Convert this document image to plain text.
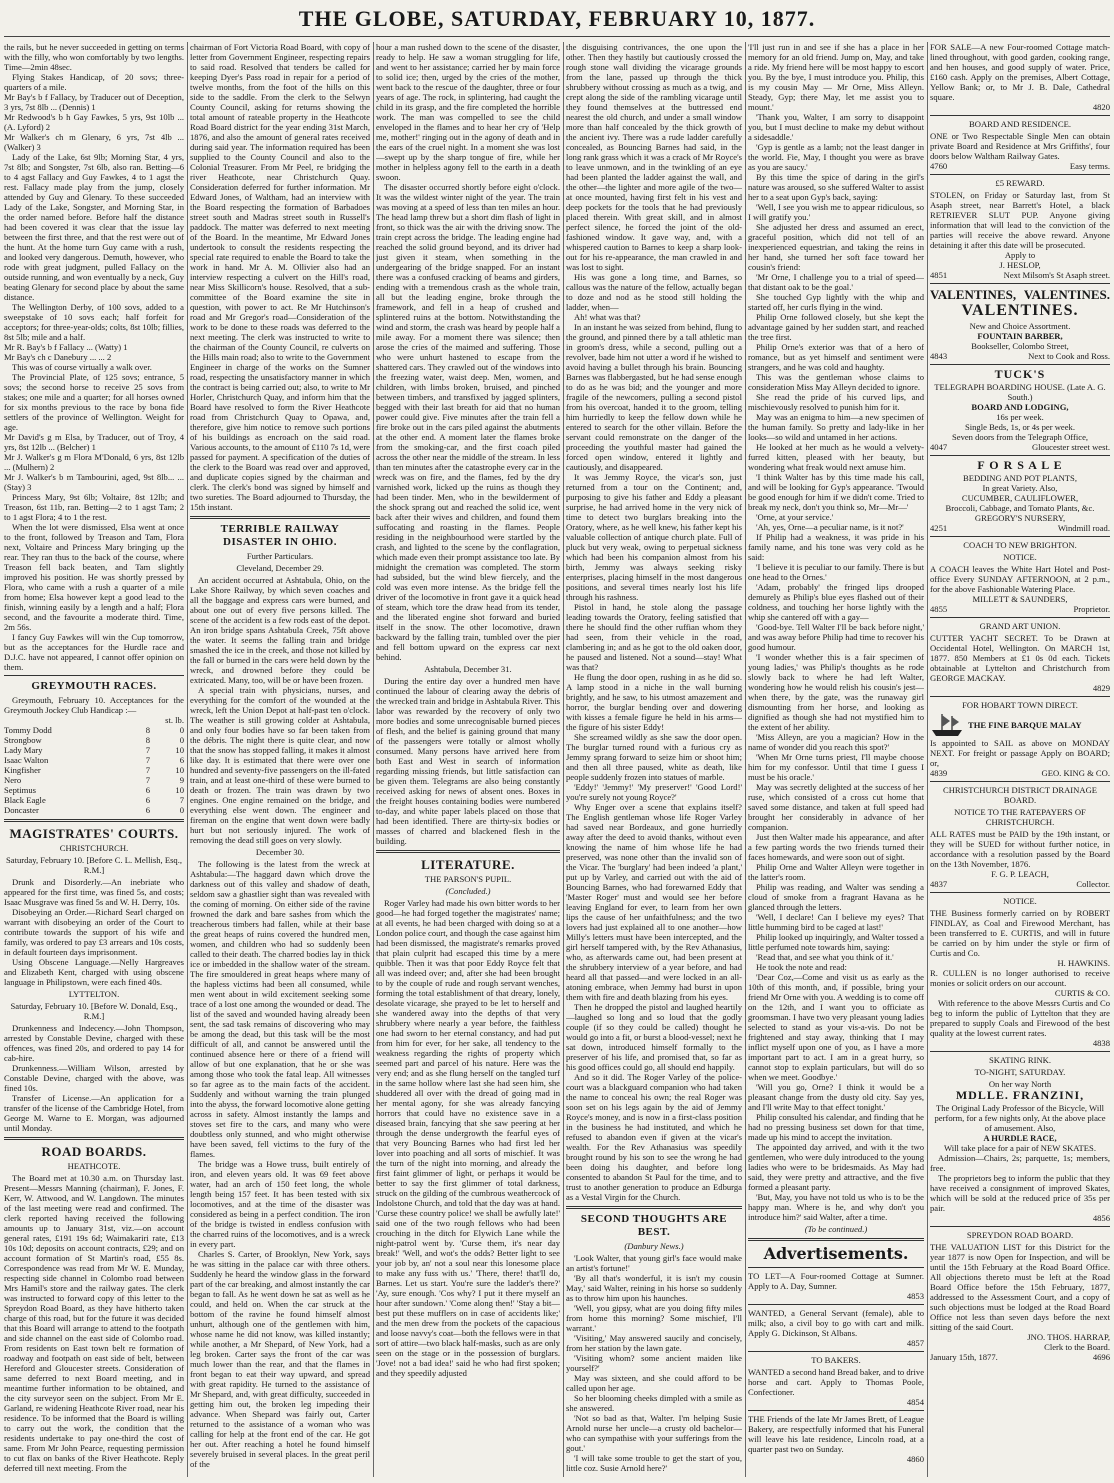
THE GLOBE, SATURDAY, FEBRUARY 10, 1877.

the rails, but he never succeeded in getting on terms with the filly, who won comfortably by two lengths. Time—2min 48sec.

Flying Stakes Handicap, of 20 sovs; three-quarters of a mile.

Mr Bay's b f Fallacy, by Traducer out of Deception, 3 yrs, 7st 8lb ... (Dennis) 1

Mr Redwood's b h Gay Fawkes, 5 yrs, 9st 10lb ... (A. Lyford) 2

Mr Walker's ch m Glenary, 6 yrs, 7st 4lb ... (Walker) 3

Lady of the Lake, 6st 9lb; Morning Star, 4 yrs, 7st 8lb; and Songster, 7st 6lb, also ran. Betting—6 to 4 agst Fallacy and Guy Fawkes, 4 to 1 agst the rest. Fallacy made play from the jump, closely attended by Guy and Glenary. To these succeeded Lady of the Lake, Songster, and Morning Star, in the order named before. Before half the distance had been covered it was clear that the issue lay between the first three, and that the rest were out of the hunt. At the home turn Guy came with a rush, and looked very dangerous. Demuth, however, who rode with great judgment, pulled Fallacy on the outside running, and won eventually by a neck, Guy beating Glenary for second place by about the same distance.

The Wellington Derby, of 100 sovs, added to a sweepstake of 10 sovs each; half forfeit for acceptors; for three-year-olds; colts, 8st 10lb; fillies, 8st 5lb; mile and a half.

Mr R. Bay's b f Fallacy ... (Watty) 1

Mr Bay's ch c Danebury ... ... 2

This was of course virtually a walk over.

The Provincial Plate, of 125 sovs; entrance, 5 sovs; the second horse to receive 25 sovs from stakes; one mile and a quarter; for all horses owned for six months previous to the race by bona fide settlers of the province of Wellington. Weight for age.

Mr David's g m Elsa, by Traducer, out of Troy, 4 yrs, 8st 12lb ... (Belcher) 1

Mr J. Walker's g m Flora M'Donald, 6 yrs, 8st 12lb ... (Mulhern) 2

Mr J. Walker's b m Tambourini, aged, 9st 8lb... ... (Stay) 3

Princess Mary, 9st 6lb; Voltaire, 8st 12lb; and Treason, 6st 11b, ran. Betting—2 to 1 agst Tam; 2 to 1 agst Flora; 4 to 1 the rest.

When the lot were dismissed, Elsa went at once to the front, followed by Treason and Tam, Flora next, Voltaire and Princess Mary bringing up the rear. They ran thus to the back of the course, where Treason fell back beaten, and Tam slightly improved his position. He was shortly pressed by Flora, who came with a rush a quarter of a mile from home; Elsa however kept a good lead to the finish, winning easily by a length and a half; Flora second, and the favourite a moderate third. Time, 2m 56s.

I fancy Guy Fawkes will win the Cup tomorrow, but as the acceptances for the Hurdle race and D.J.C. have not appeared, I cannot offer opinion on them.

GREYMOUTH RACES.

Greymouth, February 10. Acceptances for the Greymouth Jockey Club Handicap :—

	st. lb.	
Tommy Dodd	8	0
Strongbow	8	0
Lady Mary	7	10
Isaac Walton	7	6
Kingfisher	7	10
Nero	7	9
Septimus	6	10
Black Eagle	6	7
Doncaster	6	0
MAGISTRATES' COURTS.
CHRISTCHURCH.
Saturday, February 10. [Before C. L. Mellish, Esq., R.M.]

Drunk and Disorderly.—An inebriate who appeared for the first time, was fined 5s, and costs; Isaac Musgrave was fined 5s and W. H. Derry, 10s.

Disobeying an Order.—Richard Searl charged on warrant with disobeying an order of the Court to contribute towards the support of his wife and family, was ordered to pay £3 arrears and 10s costs, in default fourteen days imprisonment.

Using Obscene Language.—Nelly Hargreaves and Elizabeth Kent, charged with using obscene language in Philipstown, were each fined 40s.

LYTTELTON.
Saturday, February 10. [Before W. Donald, Esq., R.M.]

Drunkenness and Indecency.—John Thompson, arrested by Constable Devine, charged with these offences, was fined 20s, and ordered to pay 14 for cab-hire.

Drunkenness.—William Wilson, arrested by Constable Devine, charged with the above, was fined 10s.

Transfer of License.—An application for a transfer of the license of the Cambridge Hotel, from George M. Warne to E. Morgan, was adjourned until Monday.

ROAD BOARDS.
HEATHCOTE.

The Board met at 10.30 a.m. on Thursday last. Present—Messrs Manning (chairman), F. Jones, F. Kerr, W. Attwood, and W. Langdown. The minutes of the last meeting were read and confirmed. The clerk reported having received the following amounts up to January 31st, viz.—on account general rates, £191 19s 6d; Waimakariri rate, £13 10s 10d; deposits on account contracts, £29; and on account formation of St Martin's road, £55 8s. Correspondence was read from Mr W. E. Munday, respecting side channel in Colombo road between Mrs Hamil's store and the railway gates. The clerk was instructed to forward copy of this letter to the Spreydon Road Board, as they have hitherto taken charge of this road, but for the future it was decided that this Board will arrange to attend to the footpath and side channel on the east side of Colombo road. From residents on East town belt re formation of roadway and footpath on east side of belt, between Hereford and Gloucester streets. Consideration of same deferred to next Board meeting, and in meantime further information to be obtained, and the city surveyor seen on the subject. From Mr E. Garland, re widening Heathcote River road, near his residence. To be informed that the Board is willing to carry out the work, the condition that the residents undertake to pay one-third the cost of same. From Mr John Pearce, requesting permission to cut flax on banks of the River Heathcote. Reply deferred till next meeting. From the

chairman of Fort Victoria Road Board, with copy of letter from Government Engineer, respecting repairs to said road. Resolved that tenders be called for keeping Dyer's Pass road in repair for a period of twelve months, from the foot of the hills on this side to the saddle. From the clerk to the Selwyn County Council, asking for returns showing the total amount of rateable property in the Heathcote Road Board district for the year ending 31st March, 1876, and also the amount of general rates received during said year. The information required has been supplied to the County Council and also to the Colonial Treasurer. From Mr Peel, re bridging the river Heathcote, near Christchurch Quay. Consideration deferred for further information. Mr Edward Jones, of Waltham, had an interview with the Board respecting the formation of Barbadoes street south and Madras street south in Russell's paddock. The matter was deferred to next meeting of the Board. In the meantime, Mr Edward Jones undertook to consult the residents respecting the special rate required to enable the Board to take the work in hand. Mr A. M. Ollivier also had an interview respecting a culvert on the Hill's road, near Miss Skillicorn's house. Resolved, that a sub-committee of the Board examine the site in question, with power to act. Re Mr Hutchinson's road and Mr Gregor's road—Consideration of the work to be done to these roads was deferred to the next meeting. The clerk was instructed to write to the chairman of the County Council, re culverts on the Hills main road; also to write to the Government Engineer in charge of the works on the Sumner road, respecting the unsatisfactory manner in which the contract is being carried out; also, to write to Mr Horler, Christchurch Quay, and inform him that the Board have resolved to form the River Heathcote road from Christchurch Quay to Opawa, and, therefore, give him notice to remove such portions of his buildings as encroach on the said road. Various accounts, to the amount of £110 7s 1d, were passed for payment. A specification of the duties of the clerk to the Board was read over and approved, and duplicate copies signed by the chairman and clerk. The clerk's bond was signed by himself and two sureties. The Board adjourned to Thursday, the 15th instant.

TERRIBLE RAILWAY DISASTER IN OHIO.
Further Particulars.
Cleveland, December 29.

An accident occurred at Ashtabula, Ohio, on the Lake Shore Railway, by which seven coaches and all the baggage and express cars were burned, and about one out of every five persons killed. The scene of the accident is a few rods east of the depot. An iron bridge spans Ashtabula Creek, 75ft above the water. It seems the falling train and bridge smashed the ice in the creek, and those not killed by the fall or burned in the cars were held down by the wreck, and drowned before they could be extricated. Many, too, will be or have been frozen.

A special train with physicians, nurses, and everything for the comfort of the wounded at the wreck, left the Union Depot at half-past ten o'clock. The weather is still growing colder at Ashtabula, and only four bodies have so far been taken from the débris. The night there is quite clear, and now that the snow has stopped falling, it makes it almost like day. It is estimated that there were over one hundred and seventy-five passengers on the ill-fated train, and at least one-third of these were burned to death or frozen. The train was drawn by two engines. One engine remained on the bridge, and everything else went down. The engineer and fireman on the engine that went down were badly hurt but not seriously injured. The work of removing the dead still goes on very slowly.

December 30.

The following is the latest from the wreck at Ashtabula:—The haggard dawn which drove the darkness out of this valley and shadow of death, seldom saw a ghastlier sight than was revealed with the coming of morning. On either side of the ravine frowned the dark and bare sashes from which the treacherous timbers had fallen, while at their base the great heaps of ruins covered the hundred men, women, and children who had so suddenly been called to their death. The charred bodies lay in thick ice or imbedded in the shallow water of the stream. The fire smouldered in great heaps where many of the hapless victims had been all consumed, while men went about in wild excitement seeking some trace of a lost one among the wounded or dead. The list of the saved and wounded having already been sent, the sad task remains of discovering who may be among the dead, but this task will be the most difficult of all, and cannot be answered until the continued absence here or there of a friend will allow of but one explanation, that he or she was among those who took the fatal leap. All witnesses so far agree as to the main facts of the accident. Suddenly and without warning the train plunged into the abyss, the forward locomotive alone getting across in safety. Almost instantly the lamps and stoves set fire to the cars, and many who were doubtless only stunned, and who might otherwise have been saved, fell victims to the fury of the flames.

The bridge was a Howe truss, built entirely of iron, and eleven years old. It was 69 feet above water, had an arch of 150 feet long, the whole length being 157 feet. It has been tested with six locomotives, and at the time of the disaster was considered as being in a perfect condition. The iron of the bridge is twisted in endless confusion with the charred ruins of the locomotives, and is a wreck in every part.

Charles S. Carter, of Brooklyn, New York, says he was sitting in the palace car with three others. Suddenly he heard the window glass in the forward part of the car breaking, and almost instantly the car began to fall. As he went down he sat as well as he could, and held on. When the car struck at the bottom of the ravine he found himself almost unhurt, although one of the gentlemen with him, whose name he did not know, was killed instantly; while another, a Mr Shepard, of New York, had a leg broken. Carter says the front of the car was much lower than the rear, and that the flames in front began to eat their way upward, and spread with great rapidity. He turned to the assistance of Mr Shepard, and, with great difficulty, succeeded in getting him out, the broken leg impeding their advance. When Shepard was fairly out, Carter returned to the assistance of a woman who was calling for help at the front end of the car. He got her out. After reaching a hotel he found himself severely bruised in several places. In the great peril of the

hour a man rushed down to the scene of the disaster, ready to help. He saw a woman struggling for life, and went to her assistance; carried her by main force to solid ice; then, urged by the cries of the mother, went back to the rescue of the daughter, three or four years of age. The rock, in splintering, had caught the child in its grasp, and the fire completed the horrible work. The man was compelled to see the child enveloped in the flames and to hear her cry of 'Help me, mother!' ringing out in the agony of death and in the ears of the cruel night. In a moment she was lost—swept up by the sharp tongue of fire, while her mother in helpless agony fell to the earth in a death swoon.

The disaster occurred shortly before eight o'clock. It was the wildest winter night of the year. The train was moving at a speed of less than ten miles an hour. The head lamp threw but a short dim flash of light in front, so thick was the air with the driving snow. The train crept across the bridge. The leading engine had reached the solid ground beyond, and its driver had just given it steam, when something in the undergearing of the bridge snapped. For an instant there was a confused cracking of beams and girders, ending with a tremendous crash as the whole train, all but the leading engine, broke through the framework, and fell in a heap of crushed and splintered ruins at the bottom. Notwithstanding the wind and storm, the crash was heard by people half a mile away. For a moment there was silence; then arose the cries of the maimed and suffering. Those who were unhurt hastened to escape from the shattered cars. They crawled out of the windows into the freezing water, waist deep. Men, women, and children, with limbs broken, bruised, and pinched between timbers, and transfixed by jagged splinters, begged with their last breath for aid that no human power could give. Five minutes after the train fell a fire broke out in the cars piled against the abutments at the other end. A moment later the flames broke from the smoking-car, and the first coach piled across the other near the middle of the stream. In less than ten minutes after the catastrophe every car in the wreck was on fire, and the flames, fed by the dry varnished work, licked up the ruins as though they had been tinder. Men, who in the bewilderment of the shock sprang out and reached the solid ice, went back after their wives and children, and found them suffocating and roasting in the flames. People residing in the neighbourhood were startled by the crash, and lighted to the scene by the conflagration, which made even their prompt assistance too late. By midnight the cremation was completed. The storm had subsided, but the wind blew fiercely, and the cold was even more intense. As the bridge fell the driver of the locomotive in front gave it a quick head of steam, which tore the draw head from its tender, and the liberated engine shot forward and buried itself in the snow. The other locomotive, drawn backward by the falling train, tumbled over the pier and fell bottom upward on the express car next behind.

Ashtabula, December 31.

During the entire day over a hundred men have continued the labour of clearing away the debris of the wrecked train and bridge in Ashtabula River. This labor was rewarded by the recovery of only two more bodies and some unrecognisable burned pieces of flesh, and the belief is gaining ground that many of the passengers were totally or almost wholly consumed. Many persons have arrived here from both East and West in search of information regarding missing friends, but little satisfaction can be given them. Telegrams are also being constantly received asking for news of absent ones. Boxes in the freight houses containing bodies were numbered to-day, and white paper labels placed on those that had been identified. There are thirty-six bodies or masses of charred and blackened flesh in the building.

LITERATURE.
THE PARSON'S PUPIL.
(Concluded.)

Roger Varley had made his own bitter words to her good—he had forged together the magistrates' name; at all events, he had been charged with doing so at a London police court, and though the case against him had been dismissed, the magistrate's remarks proved that plain culprit had escaped this time by a mere quibble. Then it was that poor Eddy Royce felt that all was indeed over; and, after she had been brought to by the couple of rude and rough servant wenches, forming the total establishment of that dreary, lonely, desolate vicarage, she prayed to be let to herself and she wandered away into the depths of that very shrubbery where nearly a year before, the faithless one had sworn to her eternal constancy, and had put from him for ever, for her sake, all tendency to the weakness regarding the rights of property which seemed part and parcel of his nature. Here was the very end; and as she flung herself on the tangled turf in the same hollow where last she had seen him, she shuddered all over with the dread of going mad in her mental agony, for she was already fancying horrors that could have no existence save in a diseased brain, fancying that she saw peering at her through the dense undergrowth the fearful eyes of that very Bouncing Barnes who had first led her lover into poaching and all sorts of mischief. It was the turn of the night into morning, and already the first faint glimmer of light, or perhaps it would be better to say the first glimmer of total darkness, struck on the gilding of the cumbrous weathercock of Indolstone Church, and told that the day was at hand. 'Curse these country police! we shall be awfully late!' said one of the two rough fellows who had been crouching in the ditch for Elywich Lane while the night-patrol went by. 'Curse them, it's near day break!' 'Well, and wot's the odds? Better light to see your job by, an' not a soul near this lonesome place to make any fuss with us.' 'There, there! that'll do, Barnes. Let us start. You're sure the ladder's there?' 'Ay, sure enough. 'Cos why? I put it there myself an hour after sundown.' 'Come along then!' 'Stay a bit—best put these mufflers on in case of accidents like;' and the men drew from the pockets of the capacious and loose navvy's coat—both the fellows were in that sort of attire—two black half-masks, such as are only seen on the stage or in the possession of burglars. 'Jove! not a bad idea!' said he who had first spoken; and they speedily adjusted

the disguising contrivances, the one upon the other. Then they hastily but cautiously crossed the rough stone wall dividing the vicarage grounds from the lane, passed up through the thick shrubbery without crossing as much as a twig, and crept along the side of the rambling vicarage until they found themselves at the buttressed end nearest the old church, and under a small window more than half concealed by the thick growth of the ancient ivy. There was a rude ladder carefully concealed, as Bouncing Barnes had said, in the long rank grass which it was a crack of Mr Royce's to leave unmown, and in the twinkling of an eye had been planted the ladder against the wall, and the other—the lighter and more agile of the two—at once mounted, having first felt in his vest and deep pockets for the tools that he had previously placed therein. With great skill, and in almost perfect silence, he forced the joint of the old-fashioned window. It gave way, and, with a whispered caution to Barnes to keep a sharp look-out for his re-appearance, the man crawled in and was lost to sight.

His was gone a long time, and Barnes, so callous was the nature of the fellow, actually began to doze and nod as he stood still holding the ladder, when—

Ah! what was that?

In an instant he was seized from behind, flung to the ground, and pinned there by a tall athletic man in groom's dress, while a second, pulling out a revolver, bade him not utter a word if he wished to avoid having a bullet through his brain. Bouncing Barnes was flabbergasted, but he had sense enough to do as he was bid; and the younger and more fragile of the newcomers, pulling a second pistol from his overcoat, handed it to the groom, telling him hurriedly to keep the fellow down while he entered to search for the other villain. Before the servant could remonstrate on the danger of the proceeding the youthful master had gained the forced open window, entered it lightly and cautiously, and disappeared.

It was Jemmy Royce, the vicar's son, just returned from a tour on the Continent; and, purposing to give his father and Eddy a pleasant surprise, he had arrived home in the very nick of time to detect two burglars breaking into the Oratory, where, as he well knew, his father kept his valuable collection of antique church plate. Full of pluck but very weak, owing to perpetual sickness which had been his companion almost from his birth, Jemmy was always seeking risky enterprises, placing himself in the most dangerous positions, and several times nearly lost his life through his rashness.

Pistol in hand, he stole along the passage leading towards the Oratory, feeling satisfied that there he should find the other ruffian whom they had seen, from their vehicle in the road, clambering in; and as he got to the old oaken door, he paused and listened. Not a sound—stay! What was that?

He flung the door open, rushing in as he did so. A lamp stood in a niche in the wall burning brightly, and he saw, to his utmost amazement and horror, the burglar bending over and dowering with kisses a female figure he held in his arms—the figure of his sister Eddy!

She screamed wildly as she saw the door open. The burglar turned round with a furious cry as Jemmy sprang forward to seize him or shoot him; and then all three paused, white as death, like people suddenly frozen into statues of marble.

'Eddy!' 'Jemmy!' 'My preserver!' 'Good Lord!' you're surely not young Royce?'

Why Enger over a scene that explains itself? The English gentleman whose life Roger Varley had saved near Bordeaux, and gone hurriedly away after the deed to avoid thanks, without even knowing the name of him whose life he had preserved, was none other than the invalid son of the Vicar. The 'burglary' had been indeed 'a plant,' put up by Varley, and carried out with the aid of Bouncing Barnes, who had forewarned Eddy that 'Master Roger' must and would see her before leaving England for ever, to learn from her own lips the cause of her unfaithfulness; and the two lovers had just explained all to one another—how Milly's letters must have been intercepted, and the girl herself tampered with, by the Rev Athanasius, who, as afterwards came out, had been present at the shrubbery interview of a year before, and had heard all that passed—and were locked in an all-atoning embrace, when Jemmy had burst in upon them with fire and death blazing from his eyes.

Then he dropped the pistol and laughed heartily—laughed so long and so loud that the godly couple (if so they could be called) thought he would go into a fit, or burst a blood-vessel; next he sat down, introduced himself formally to the preserver of his life, and promised that, so far as his good offices could go, all should end happily.

And so it did. The Roger Varley of the police-court was a blackguard companion who had taken the name to conceal his own; the real Roger was soon set on his legs again by the aid of Jemmy Royce's money, and is now in a first-class position in the business he had instituted, and which he refused to abandon even if given at the vicar's wealth. For the Rev Athanasius was speedily brought round by his son to see the wrong he had been doing his daughter, and before long consented to abandon St Paul for the time, and to trust to another generation to produce an Edburga as a Vestal Virgin for the Church.

SECOND THOUGHTS ARE BEST.
(Danbury News.)

'Look Walter, that young girl's face would make an artist's fortune!'

'By all that's wonderful, it is isn't my cousin May,' said Walter, reining in his horse so suddenly as to throw him upon his haunches.

'Well, you gipsy, what are you doing fifty miles from home this morning? Some mischief, I'll warrant.'

'Visiting,' May answered saucily and concisely, from her station by the lawn gate.

'Visiting whom? some ancient maiden like yourself?'

May was sixteen, and she could afford to be called upon her age.

So her blooming cheeks dimpled with a smile as she answered.

'Not so bad as that, Walter. I'm helping Susie Arnold nurse her uncle—a crusty old bachelor—who can sympathise with your sufferings from the gout.'

'I will take some trouble to get the start of you, little coz. Susie Arnold here?'

'I'll just run in and see if she has a place in her memory for an old friend. Jump on, May, and take a ride. My friend here will be most happy to escort you. By the bye, I must introduce you. Philip, this is my cousin May — Mr Orne, Miss Alleyn. Steady, Gyp; there May, let me assist you to mount.'

'Thank you, Walter, I am sorry to disappoint you, but I must decline to make my debut without a sidesaddle.'

'Gyp is gentle as a lamb; not the least danger in the world. Fie, May, I thought you were as brave as you are saucy.'

By this time the spice of daring in the girl's nature was aroused, so she suffered Walter to assist her to a seat upon Gyp's back, saying:

'Well, I see you wish me to appear ridiculous, so I will gratify you.'

She adjusted her dress and assumed an erect, graceful position, which did not tell of an inexperienced equestrian, and taking the reins in her hand, she turned her soft face toward her cousin's friend:

'Mr Orne, I challenge you to a trial of speed—that distant oak to be the goal.'

She touched Gyp lightly with the whip and started off, her curls flying in the wind.

Philip Orne followed closely, but she kept the advantage gained by her sudden start, and reached the tree first.

Philip Orne's exterior was that of a hero of romance, but as yet himself and sentiment were strangers, and he was cold and haughty.

This was the gentleman whose claims to consideration Miss May Alleyn decided to ignore.

She read the pride of his curved lips, and mischievously resolved to punish him for it.

May was an enigma to him—a new specimen of the human family. So pretty and lady-like in her looks—so wild and untamed in her actions.

He looked at her much as he would a velvety-furred kitten, pleased with her beauty, but wondering what freak would next amuse him.

'I think Walter has by this time made his call, and will be looking for Gyp's appearance. 'Twould be good enough for him if we didn't come. Tried to break my neck, don't you think so, Mr—Mr—'

'Orne, at your service.'

'Ah, yes, Orne—a peculiar name, is it not?'

If Philip had a weakness, it was pride in his family name, and his tone was very cold as he said:

'I believe it is peculiar to our family. There is but one head to the Ornes.'

'Adam, probably' the fringed lips drooped demurely as Philip's blue eyes flashed out of their coldness, and touching her horse lightly with the whip she cantered off with a gay—

'Good-bye. Tell Walter I'll be back before night,' and was away before Philip had time to recover his good humour.

'I wonder whether this is a fair specimen of young ladies,' was Philip's thoughts as he rode slowly back to where he had left Walter, wondering how he would relish his cousin's jest—when there, by the gate, was the runaway girl dismounting from her horse, and looking as dignified as though she had not mystified him to the extent of her ability.

'Miss Alleyn, are you a magician? How in the name of wonder did you reach this spot?'

'When Mr Orne turns priest, I'll maybe choose him for my confessor. Until that time I guess I must be his oracle.'

May was secretly delighted at the success of her ruse, which consisted of a cross cut home that saved some distance, and taken at full speed had brought her considerably in advance of her companion.

Just then Walter made his appearance, and after a few parting words the two friends turned their faces homewards, and were soon out of sight.

Philip Orne and Walter Alleyn were together in the latter's room.

Philip was reading, and Walter was sending a cloud of smoke from a fragrant Havana as he glanced through the letters.

'Well, I declare! Can I believe my eyes? That little humming bird to be caged at last!'

Philip looked up inquiringly, and Walter tossed a little perfumed note towards him, saying:

'Read that, and see what you think of it.'

He took the note and read:

'Dear Coz,—Come and visit us as early as the 10th of this month, and, if possible, bring your friend Mr Orne with you. A wedding is to come off on the 12th, and I want you to officiate as groomsman. I have two very pleasant young ladies selected to stand as your vis-a-vis. Do not be frightened and stay away, thinking that I may inflict myself upon one of you, as I have a more important part to act. I am in a great hurry, so cannot stop to explain particulars, but will do so when we meet. Goodbye.'

'Will you go, Orne? I think it would be a pleasant change from the dusty old city. Say yes, and I'll write May to that effect tonight.'

Philip consulted his calendar, and finding that he had no pressing business set down for that time, made up his mind to accept the invitation.

The appointed day arrived, and with it the two gentlemen, who were duly introduced to the young ladies who were to be bridesmaids. As May had said, they were pretty and attractive, and the five formed a pleasant party.

'But, May, you have not told us who is to be the happy man. Where is he, and why don't you introduce him?' said Walter, after a time.

(To be continued.)
Advertisements.

TO LET—A Four-roomed Cottage at Sumner. Apply to A. Day, Sumner.

4853

WANTED, a General Servant (female), able to milk; also, a civil boy to go with cart and milk. Apply G. Dickinson, St Albans.

4857
TO BAKERS.

WANTED a second hand Bread baker, and to drive horse and cart. Apply to Thomas Poole, Confectioner.

4854

THE Friends of the late Mr James Brett, of League Bakery, are respectfully informed that his Funeral will leave his late residence, Lincoln road, at a quarter past two on Sunday.

4860

FOR SALE—A new Four-roomed Cottage match-lined throughout, with good garden, cooking range, and hen houses, and good supply of water. Price, £160 cash. Apply on the premises, Albert Cottage, Yellow Bank; or, to Mr J. B. Dale, Cathedral square.

4820
BOARD AND RESIDENCE.

ONE or Two Respectable Single Men can obtain private Board and Residence at Mrs Griffiths', four doors below Waltham Railway Gates.

4760	Easy terms.
£5 REWARD.

STOLEN, on Friday or Saturday last, from St Asaph street, near Barrett's Hotel, a black RETRIEVER SLUT PUP. Anyone giving information that will lead to the conviction of the parties will receive the above reward. Anyone detaining it after this date will be prosecuted.

Apply to
J. HESLOP,
4851	Next Milsom's St Asaph street.
VALENTINES, VALENTINES.
VALENTINES.
New and Choice Assortment.
FOUNTAIN BARBER,
Bookseller, Colombo Street,
4843	Next to Cook and Ross.
TUCK'S

TELEGRAPH BOARDING HOUSE. (Late A. G. South.)

BOARD AND LODGING,
16s per week.
Single Beds, 1s, or 4s per week.
Seven doors from the Telegraph Office,
4047	Gloucester street west.
F O R S A L E
BEDDING AND POT PLANTS,
In great Variety. Also,
CUCUMBER, CAULIFLOWER,
Broccoli, Cabbage, and Tomato Plants, &c.
GREGORY'S NURSERY,
4251	Windmill road.
COACH TO NEW BRIGHTON.
NOTICE.

A COACH leaves the White Hart Hotel and Post-office Every SUNDAY AFTERNOON, at 2 p.m., for the above Fashionable Watering Place.

MILLETT & SAUNDERS,
4855	Proprietor.
GRAND ART UNION.

CUTTER YACHT SECRET. To be Drawn at Occidental Hotel, Wellington. On MARCH 1st, 1877. 850 Members at £1 0s 0d each. Tickets obtainable at Lyttelton and Christchurch from GEORGE MACKAY.

4829
FOR HOBART TOWN DIRECT.
THE FINE BARQUE MALAY

Is appointed to SAIL as above on MONDAY NEXT. For freight or passage Apply on BOARD; or,

4839	GEO. KING & CO.
CHRISTCHURCH DISTRICT DRAINAGE BOARD.
NOTICE TO THE RATEPAYERS OF CHRISTCHURCH.

ALL RATES must be PAID by the 19th instant, or they will be SUED for without further notice, in accordance with a resolution passed by the Board on the 13th November, 1876.

F. G. P. LEACH,
4837	Collector.
NOTICE.

THE Business formerly carried on by ROBERT FINDLAY, as Coal and Firewood Merchant, has been transferred to E. CURTIS, and will in future be carried on by him under the style or firm of Curtis and Co.

H. HAWKINS.

R. CULLEN is no longer authorised to receive monies or solicit orders on our account.

CURTIS & CO.

With reference to the above Messrs Curtis and Co beg to inform the public of Lyttelton that they are prepared to supply Coals and Firewood of the best quality at the lowest current rates.

4838
SKATING RINK.
TO-NIGHT, SATURDAY.
On her way North
MDLLE. FRANZINI,

The Original Lady Professor of the Bicycle, Will perform, for a few nights only, At the above place of amusement. Also,

A HURDLE RACE,
Will take place for a pair of NEW SKATES.

Admission—Chairs, 2s; parquette, 1s; members, free.

The proprietors beg to inform the public that they have received a consignment of improved Skates, which will be sold at the reduced price of 35s per pair.

4856
SPREYDON ROAD BOARD.

THE VALUATION LIST for this District for the year 1877 is now Open for Inspection, and will be until the 15th February at the Road Board Office. All objections thereto must be left at the Road Board Office before the 15th February, 1877, addressed to the Assessment Court, and a copy of such objections must be lodged at the Road Board Office not less than seven days before the next sitting of the said Court.

JNO. THOS. HARRAP,
Clerk to the Board.
January 15th, 1877.	4696
